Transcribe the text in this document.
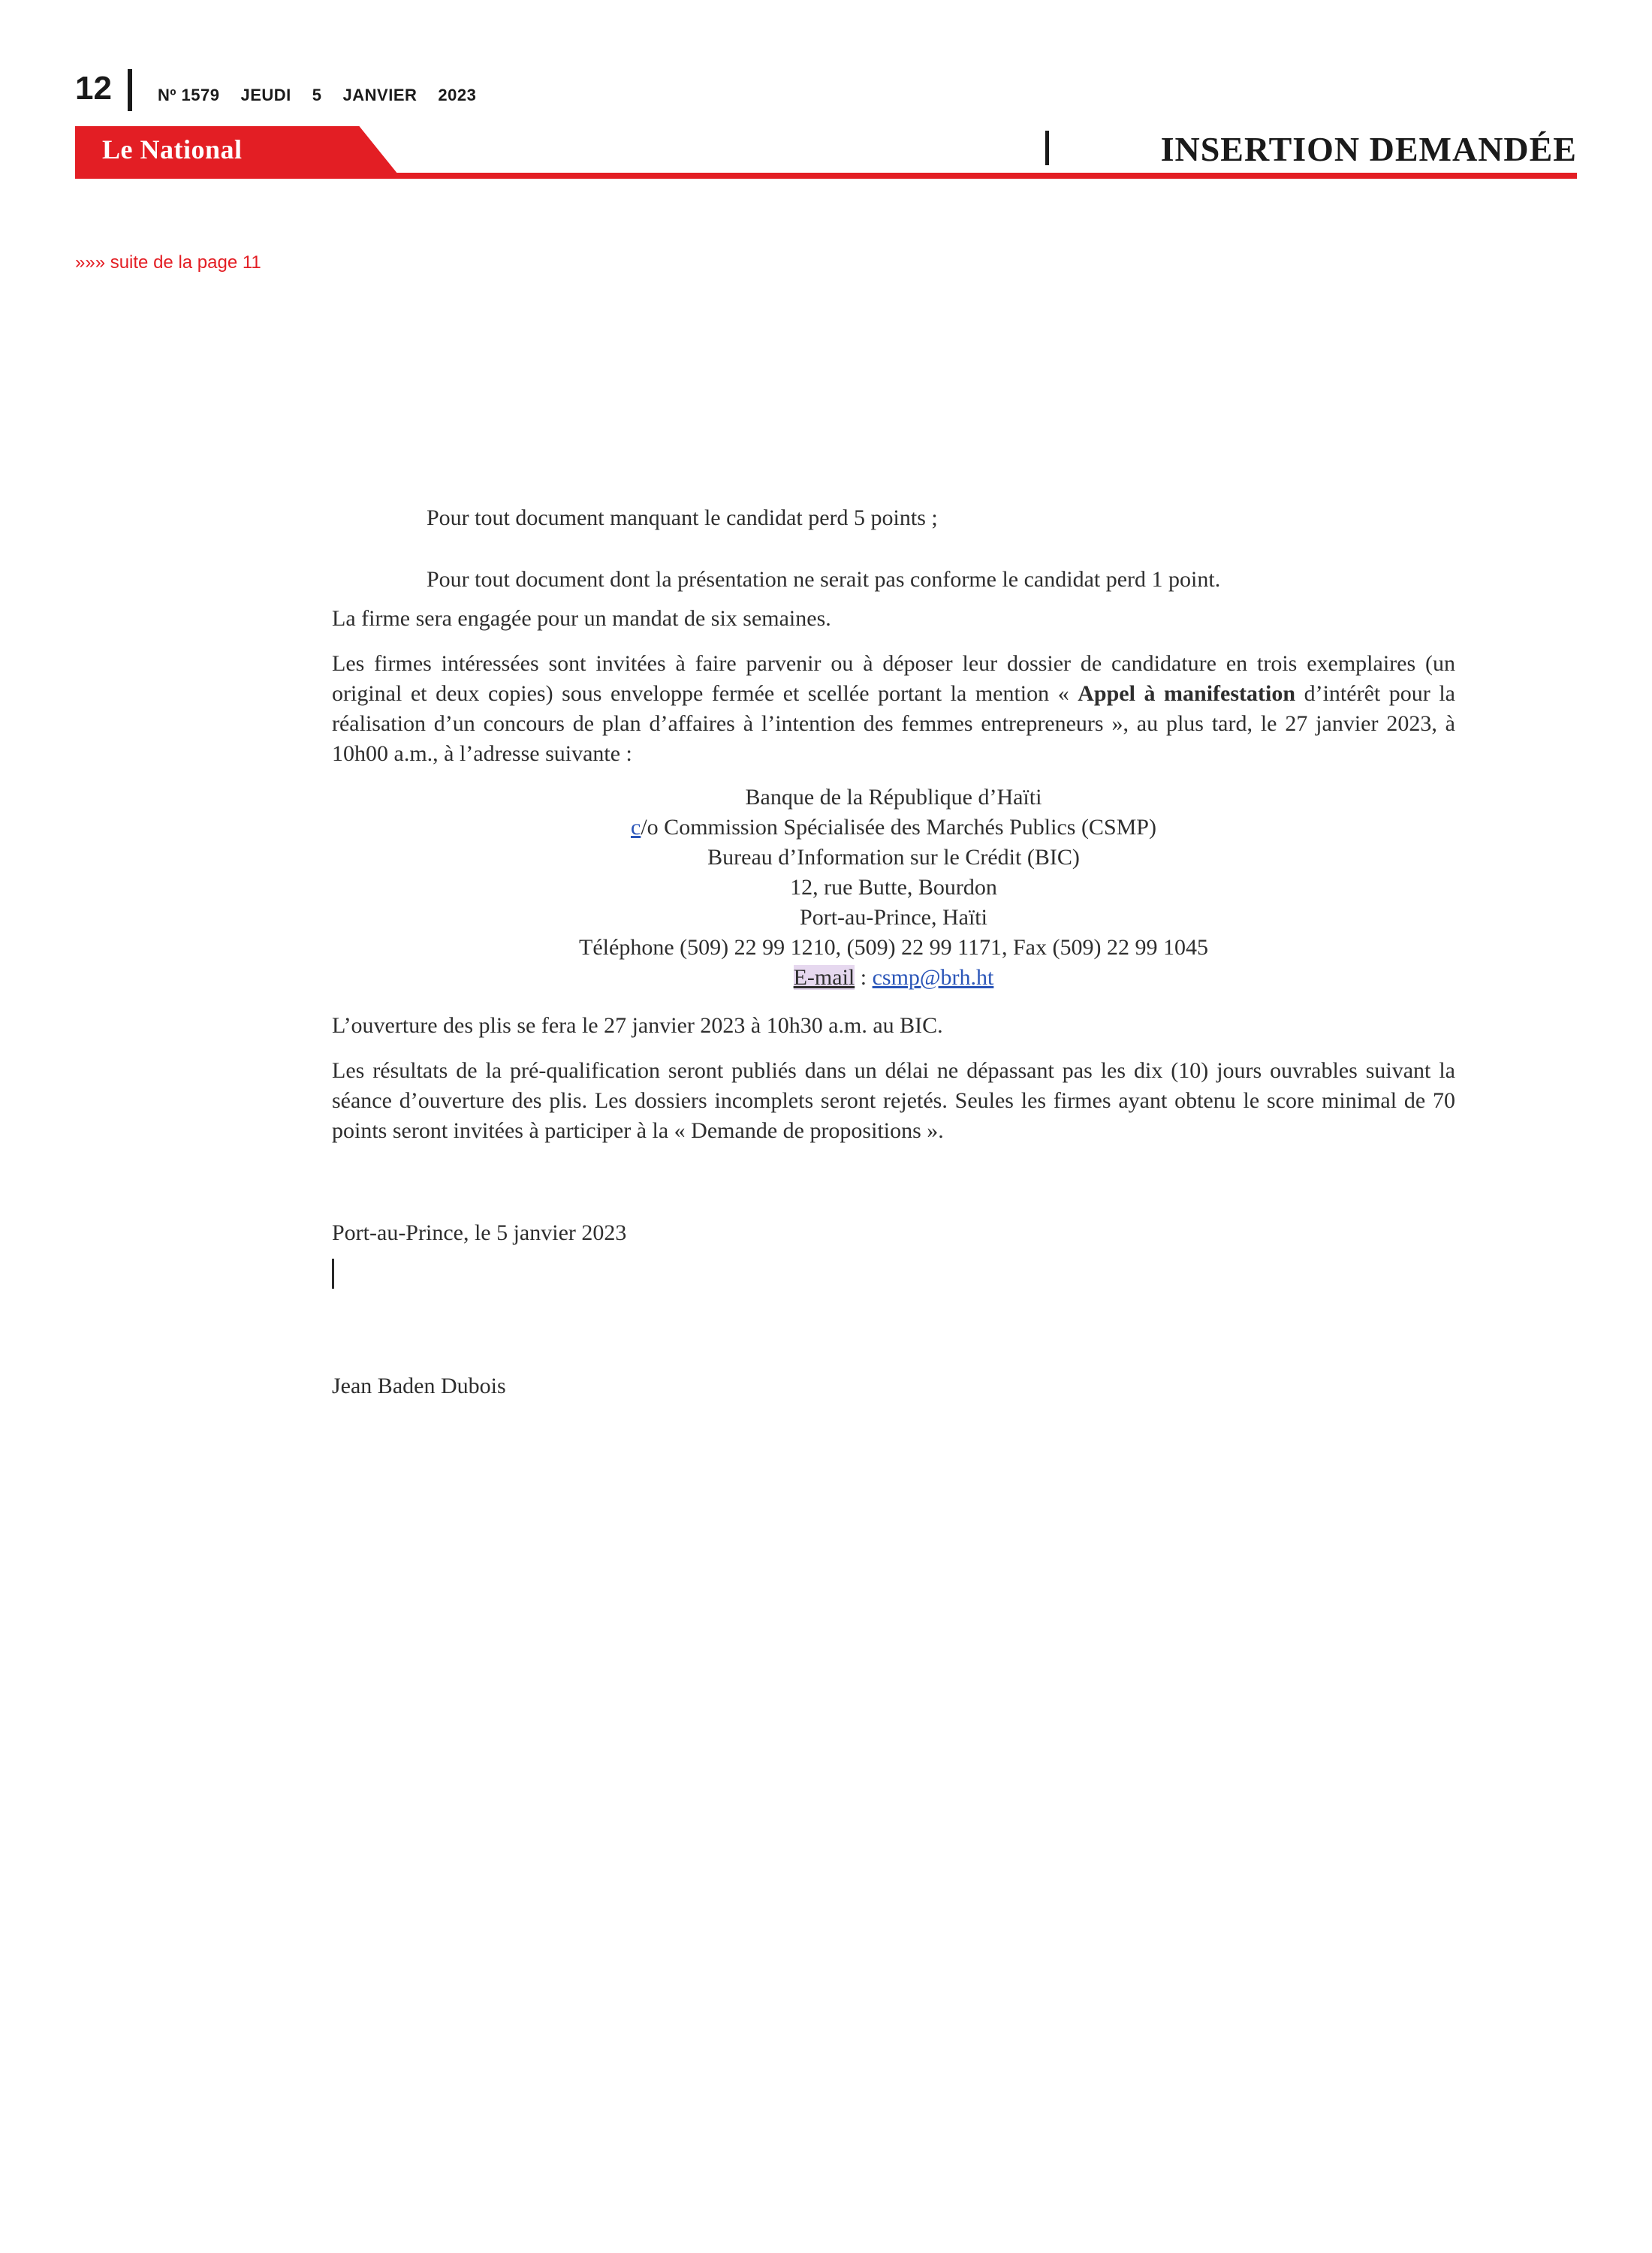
12	Nº 1579 JEUDI 5 JANVIER 2023
Le National	INSERTION DEMANDÉE
»»» suite de la page 11

Pour tout document manquant le candidat perd 5 points ;

Pour tout document dont la présentation ne serait pas conforme le candidat perd 1 point.

La firme sera engagée pour un mandat de six semaines.

Les firmes intéressées sont invitées à faire parvenir ou à déposer leur dossier de candidature en trois exemplaires (un original et deux copies) sous enveloppe fermée et scellée portant la mention « Appel à manifestation d’intérêt pour la réalisation d’un concours de plan d’affaires à l’intention des femmes entrepreneurs », au plus tard, le 27 janvier 2023, à 10h00 a.m., à l’adresse suivante :

Banque de la République d’Haïti

c/o Commission Spécialisée des Marchés Publics (CSMP)

Bureau d’Information sur le Crédit (BIC)

12, rue Butte, Bourdon

Port-au-Prince, Haïti

Téléphone (509) 22 99 1210, (509) 22 99 1171, Fax (509) 22 99 1045

E-mail : csmp@brh.ht

L’ouverture des plis se fera le 27 janvier 2023 à 10h30 a.m. au BIC.

Les résultats de la pré-qualification seront publiés dans un délai ne dépassant pas les dix (10) jours ouvrables suivant la séance d’ouverture des plis. Les dossiers incomplets seront rejetés. Seules les firmes ayant obtenu le score minimal de 70 points seront invitées à participer à la « Demande de propositions ».

Port-au-Prince, le 5 janvier 2023

Jean Baden Dubois
